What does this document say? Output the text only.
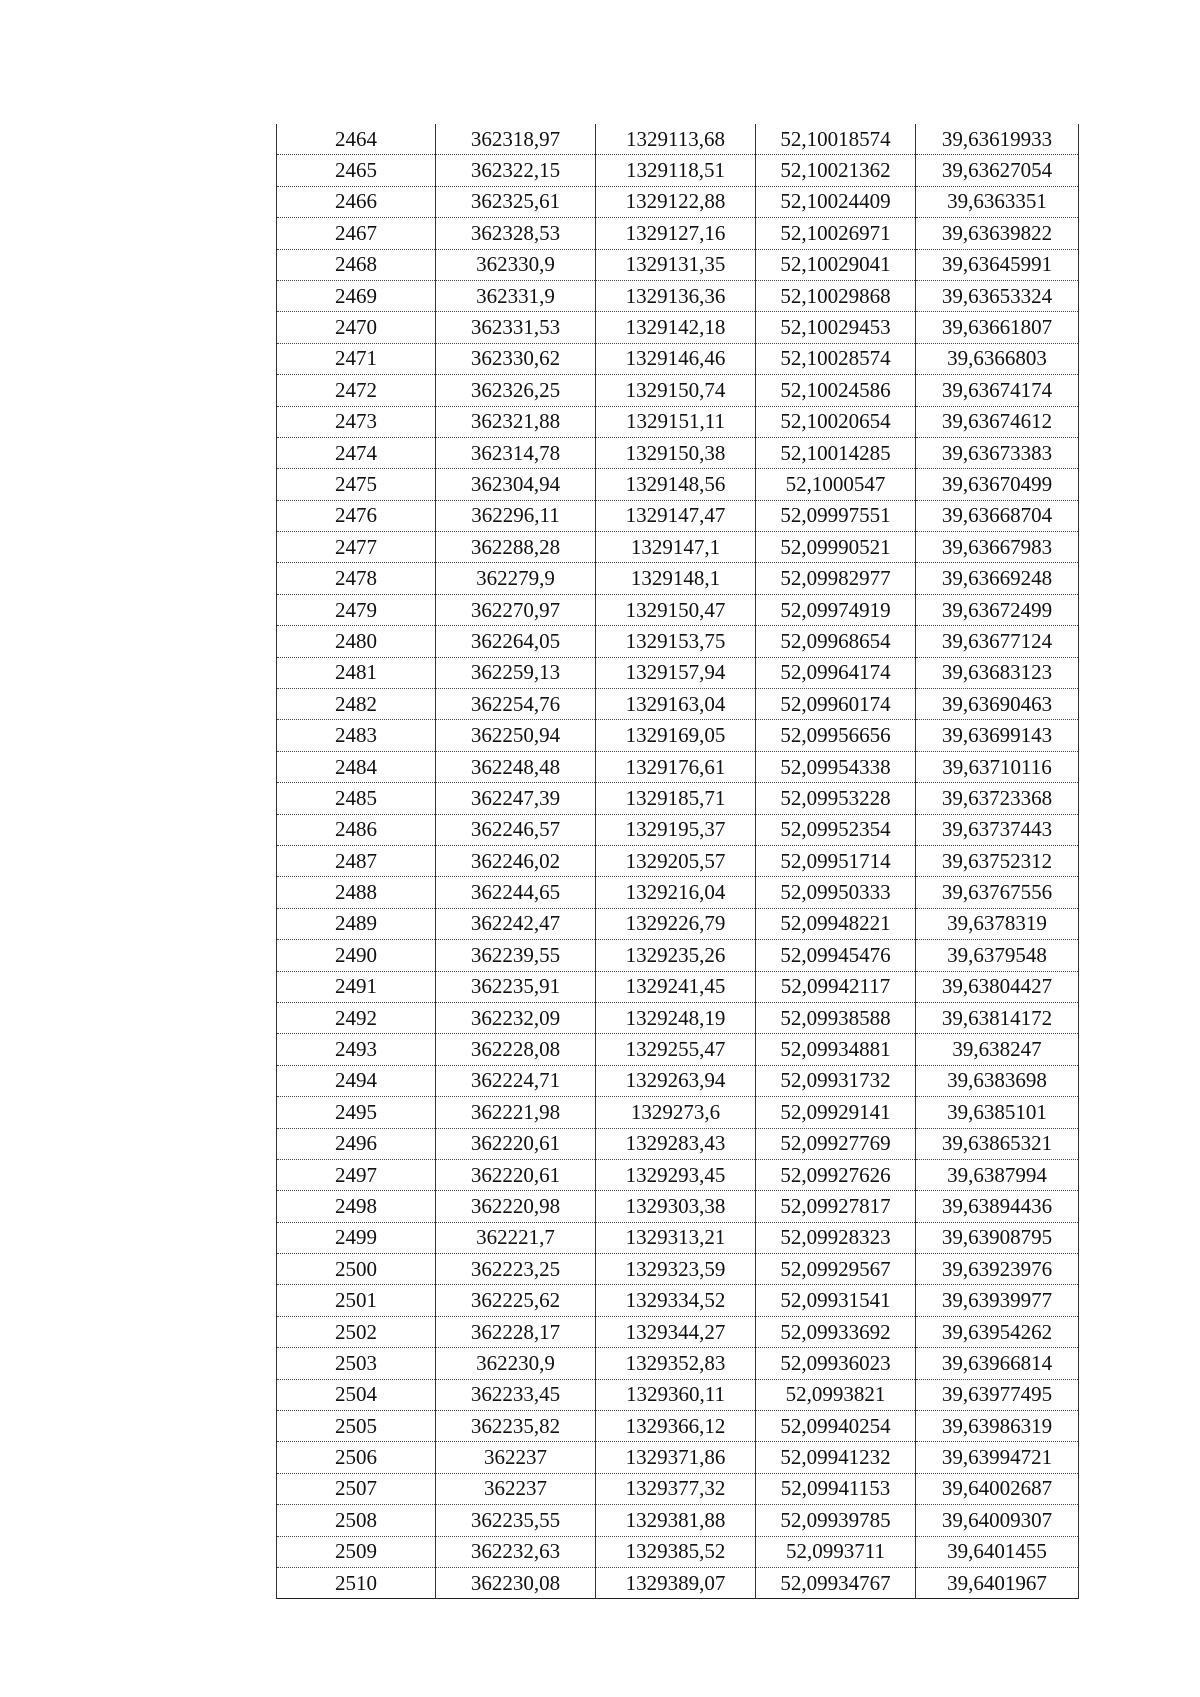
2464	362318,97	1329113,68	52,10018574	39,63619933
2465	362322,15	1329118,51	52,10021362	39,63627054
2466	362325,61	1329122,88	52,10024409	39,6363351
2467	362328,53	1329127,16	52,10026971	39,63639822
2468	362330,9	1329131,35	52,10029041	39,63645991
2469	362331,9	1329136,36	52,10029868	39,63653324
2470	362331,53	1329142,18	52,10029453	39,63661807
2471	362330,62	1329146,46	52,10028574	39,6366803
2472	362326,25	1329150,74	52,10024586	39,63674174
2473	362321,88	1329151,11	52,10020654	39,63674612
2474	362314,78	1329150,38	52,10014285	39,63673383
2475	362304,94	1329148,56	52,1000547	39,63670499
2476	362296,11	1329147,47	52,09997551	39,63668704
2477	362288,28	1329147,1	52,09990521	39,63667983
2478	362279,9	1329148,1	52,09982977	39,63669248
2479	362270,97	1329150,47	52,09974919	39,63672499
2480	362264,05	1329153,75	52,09968654	39,63677124
2481	362259,13	1329157,94	52,09964174	39,63683123
2482	362254,76	1329163,04	52,09960174	39,63690463
2483	362250,94	1329169,05	52,09956656	39,63699143
2484	362248,48	1329176,61	52,09954338	39,63710116
2485	362247,39	1329185,71	52,09953228	39,63723368
2486	362246,57	1329195,37	52,09952354	39,63737443
2487	362246,02	1329205,57	52,09951714	39,63752312
2488	362244,65	1329216,04	52,09950333	39,63767556
2489	362242,47	1329226,79	52,09948221	39,6378319
2490	362239,55	1329235,26	52,09945476	39,6379548
2491	362235,91	1329241,45	52,09942117	39,63804427
2492	362232,09	1329248,19	52,09938588	39,63814172
2493	362228,08	1329255,47	52,09934881	39,638247
2494	362224,71	1329263,94	52,09931732	39,6383698
2495	362221,98	1329273,6	52,09929141	39,6385101
2496	362220,61	1329283,43	52,09927769	39,63865321
2497	362220,61	1329293,45	52,09927626	39,6387994
2498	362220,98	1329303,38	52,09927817	39,63894436
2499	362221,7	1329313,21	52,09928323	39,63908795
2500	362223,25	1329323,59	52,09929567	39,63923976
2501	362225,62	1329334,52	52,09931541	39,63939977
2502	362228,17	1329344,27	52,09933692	39,63954262
2503	362230,9	1329352,83	52,09936023	39,63966814
2504	362233,45	1329360,11	52,0993821	39,63977495
2505	362235,82	1329366,12	52,09940254	39,63986319
2506	362237	1329371,86	52,09941232	39,63994721
2507	362237	1329377,32	52,09941153	39,64002687
2508	362235,55	1329381,88	52,09939785	39,64009307
2509	362232,63	1329385,52	52,0993711	39,6401455
2510	362230,08	1329389,07	52,09934767	39,6401967
